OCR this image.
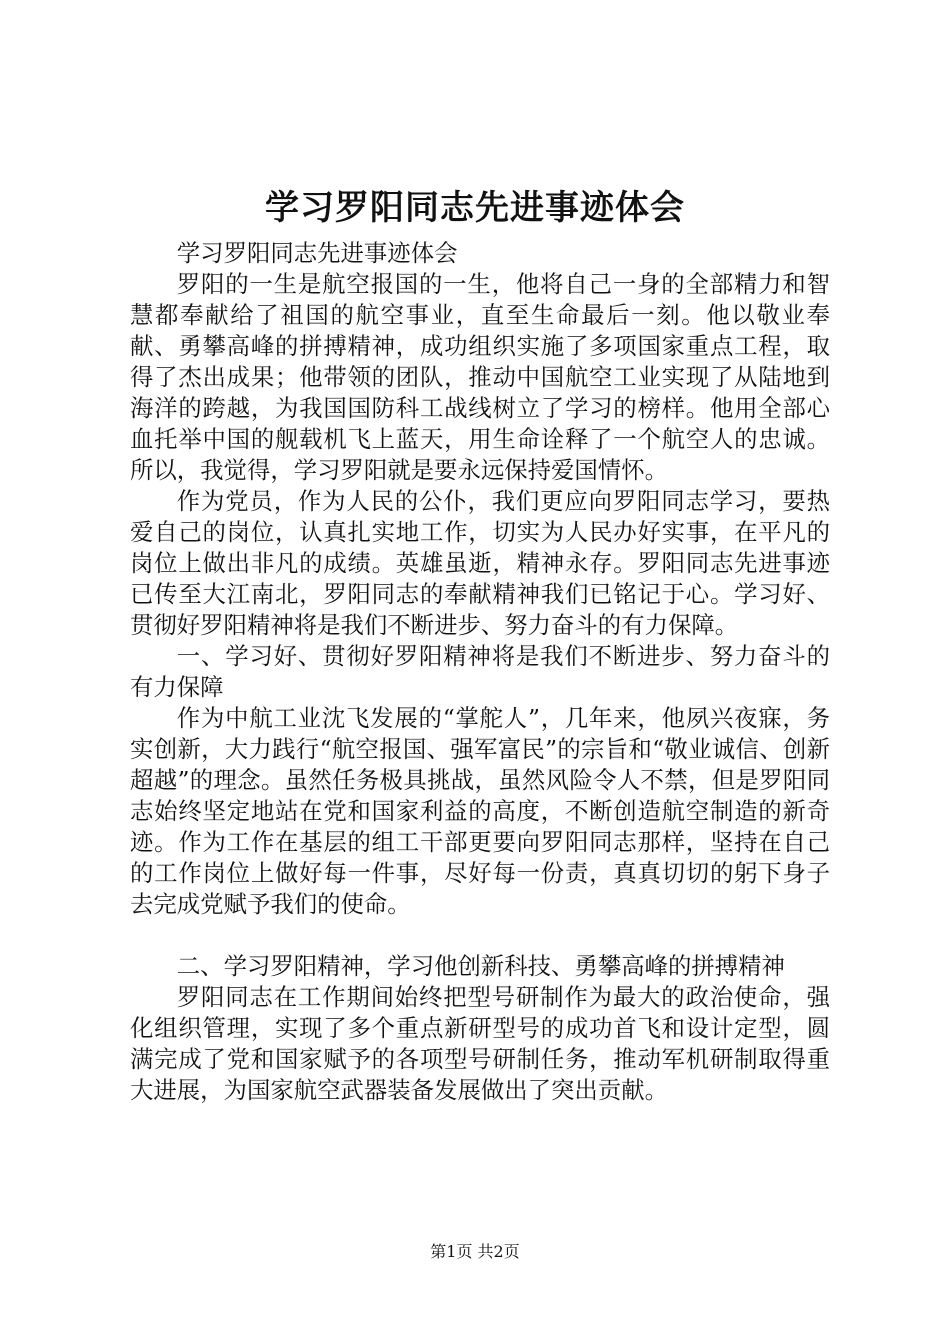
学习罗阳同志先进事迹体会

学习罗阳同志先进事迹体会

罗阳的一生是航空报国的一生，他将自己一身的全部精力和智慧都奉献给了祖国的航空事业，直至生命最后一刻。他以敬业奉献、勇攀高峰的拼搏精神，成功组织实施了多项国家重点工程，取得了杰出成果；他带领的团队，推动中国航空工业实现了从陆地到海洋的跨越，为我国国防科工战线树立了学习的榜样。他用全部心血托举中国的舰载机飞上蓝天，用生命诠释了一个航空人的忠诚。所以，我觉得，学习罗阳就是要永远保持爱国情怀。

作为党员，作为人民的公仆，我们更应向罗阳同志学习，要热爱自己的岗位，认真扎实地工作，切实为人民办好实事，在平凡的岗位上做出非凡的成绩。英雄虽逝，精神永存。罗阳同志先进事迹已传至大江南北，罗阳同志的奉献精神我们已铭记于心。学习好、贯彻好罗阳精神将是我们不断进步、努力奋斗的有力保障。

一、学习好、贯彻好罗阳精神将是我们不断进步、努力奋斗的有力保障

作为中航工业沈飞发展的“掌舵人”，几年来，他夙兴夜寐，务实创新，大力践行“航空报国、强军富民”的宗旨和“敬业诚信、创新超越”的理念。虽然任务极具挑战，虽然风险令人不禁，但是罗阳同志始终坚定地站在党和国家利益的高度，不断创造航空制造的新奇迹。作为工作在基层的组工干部更要向罗阳同志那样，坚持在自己的工作岗位上做好每一件事，尽好每一份责，真真切切的躬下身子去完成党赋予我们的使命。

二、学习罗阳精神，学习他创新科技、勇攀高峰的拼搏精神

罗阳同志在工作期间始终把型号研制作为最大的政治使命，强化组织管理，实现了多个重点新研型号的成功首飞和设计定型，圆满完成了党和国家赋予的各项型号研制任务，推动军机研制取得重大进展，为国家航空武器装备发展做出了突出贡献。

第1页 共2页
